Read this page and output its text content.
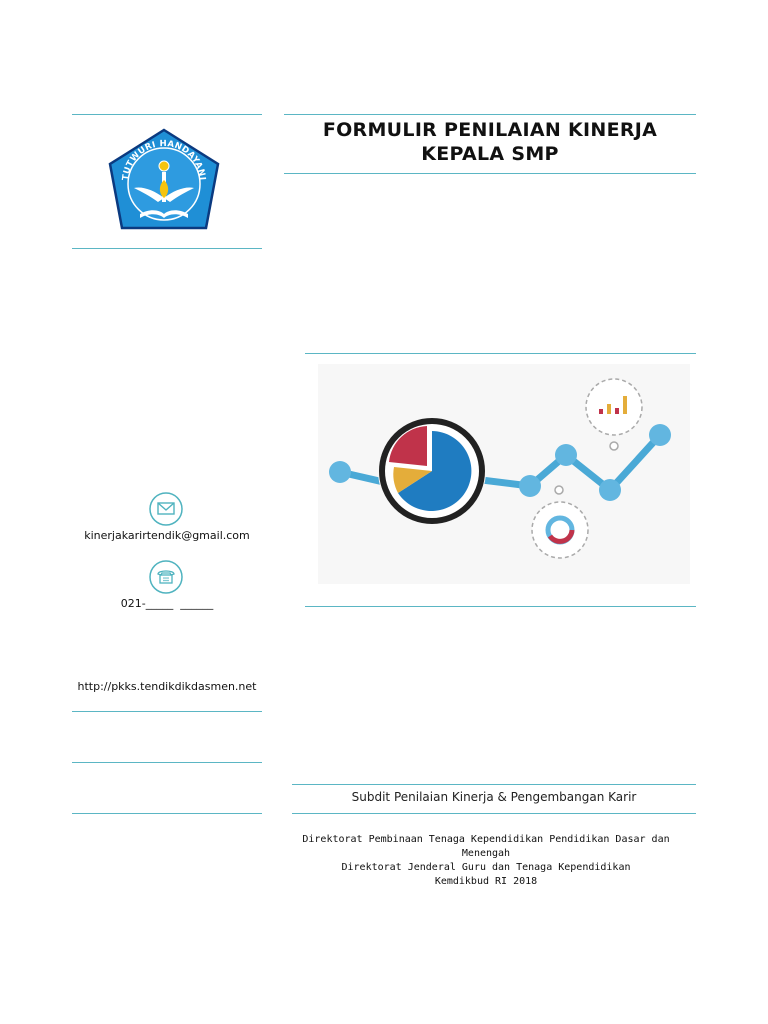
FORMULIR PENILAIAN KINERJA
KEPALA SMP
TUTWURI HANDAYANI
kinerjakarirtendik@gmail.com
021-_____  ______
http://pkks.tendikdikdasmen.net
Subdit Penilaian Kinerja & Pengembangan Karir
Direktorat Pembinaan Tenaga Kependidikan Pendidikan Dasar dan Menengah
Direktorat Jenderal Guru dan Tenaga Kependidikan
Kemdikbud RI 2018
